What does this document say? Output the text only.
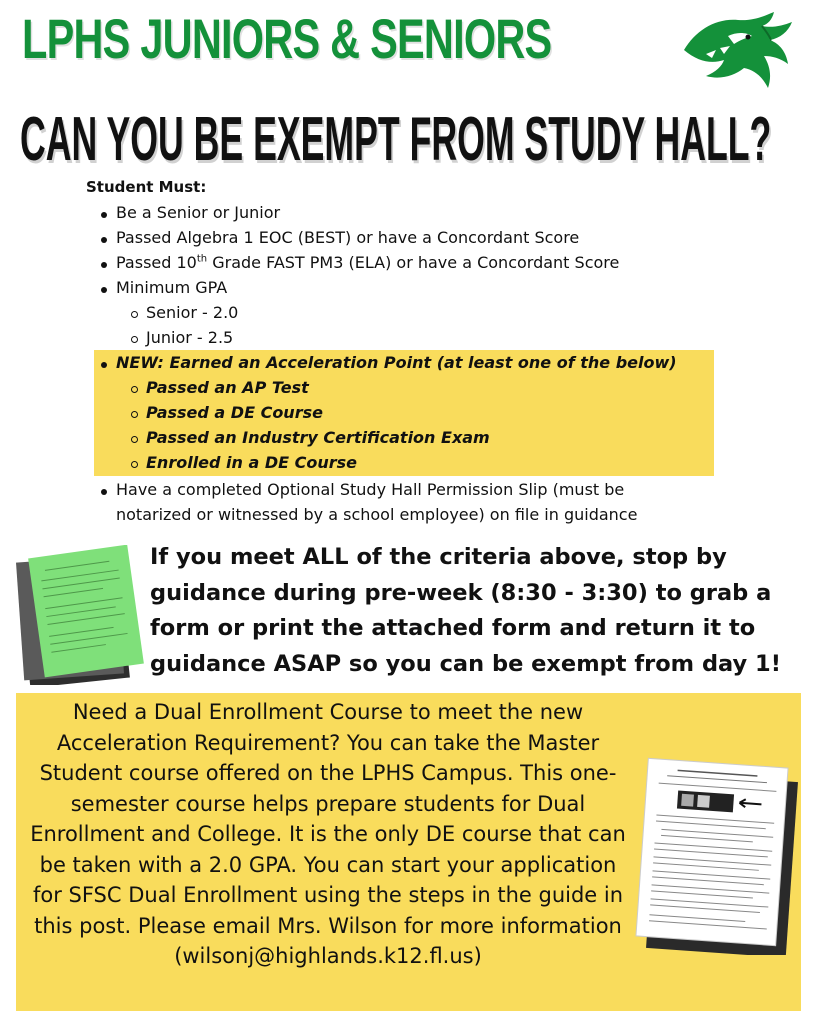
LPHS JUNIORS & SENIORS
CAN YOU BE EXEMPT FROM STUDY HALL?

Student Must:

Be a Senior or Junior
Passed Algebra 1 EOC (BEST) or have a Concordant Score
Passed 10th Grade FAST PM3 (ELA) or have a Concordant Score
Minimum GPA
Senior - 2.0
Junior - 2.5
NEW: Earned an Acceleration Point (at least one of the below)
Passed an AP Test
Passed a DE Course
Passed an Industry Certification Exam
Enrolled in a DE Course
Have a completed Optional Study Hall Permission Slip (must be
notarized or witnessed by a school employee) on file in guidance

If you meet ALL of the criteria above, stop by guidance during pre-week (8:30 - 3:30) to grab a form or print the attached form and return it to guidance ASAP so you can be exempt from day 1!

Need a Dual Enrollment Course to meet the new Acceleration Requirement? You can take the Master Student course offered on the LPHS Campus. This one-semester course helps prepare students for Dual Enrollment and College. It is the only DE course that can be taken with a 2.0 GPA. You can start your application for SFSC Dual Enrollment using the steps in the guide in this post. Please email Mrs. Wilson for more information (wilsonj@highlands.k12.fl.us)
